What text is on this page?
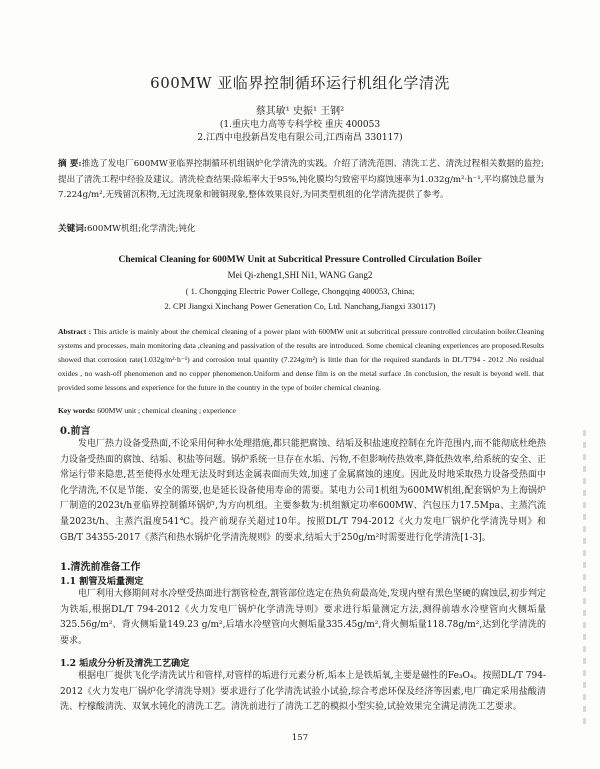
600MW 亚临界控制循环运行机组化学清洗
蔡其敏¹ 史振¹ 王钢²
(1.重庆电力高等专科学校 重庆 400053
2.江西中电投新昌发电有限公司,江西南昌 330117)
摘 要:推选了发电厂600MW亚临界控制循环机组锅炉化学清洗的实践。介绍了清洗范围、清洗工艺、清洗过程相关数据的监控;提出了清洗工程中经验及建议。清洗检查结果:除垢率大于95%,钝化膜均匀致密平均腐蚀速率为1.032g/m²·h⁻¹,平均腐蚀总量为7.224g/m²,无残留沉积物,无过洗现象和镀铜现象,整体效果良好,为同类型机组的化学清洗提供了参考。
关键词:600MW机组;化学清洗;钝化
Chemical Cleaning for 600MW Unit at Subcritical Pressure Controlled Circulation Boiler
Mei Qi-zheng1,SHI Ni1, WANG Gang2
( 1. Chongqing Electric Power College, Chongqing 400053, China;
2. CPI Jiangxi Xinchang Power Generation Co, Ltd. Nanchang,Jiangxi 330117)
Abstract : This article is mainly about the chemical cleaning of a power plant with 600MW unit at subcritical pressure controlled circulation boiler.Cleaning systems and processes, main monitoring data ,cleaning and passivation of the results are introduced. Some chemical cleaning experiences are proposed.Results showed that corrosion rate(1.032g/m²·h⁻¹) and corrosion total quantity (7.224g/m²) is little than for the required standards in DL/T794 - 2012 .No residual oxides , no wash-off phenomenon and no copper phenomenon.Uniform and dense film is on the metal surface .In conclusion, the result is beyond well. that provided some lessons and experience for the future in the country in the type of boiler chemical cleaning.
Key words: 600MW unit ; chemical cleaning ; experience
0.前言
发电厂热力设备受热面,不论采用何种水处理措施,都只能把腐蚀、结垢及积盐速度控制在允许范围内,而不能彻底杜绝热力设备受热面的腐蚀、结垢、积盐等问题。锅炉系统一旦存在水垢、污物,不但影响传热效率,降低热效率,给系统的安全、正常运行带来隐患,甚至使得水处理无法及时到达金属表面而失效,加速了金属腐蚀的速度。因此及时地采取热力设备受热面中化学清洗,不仅是节能、安全的需要,也是延长设备使用寿命的需要。某电力公司1机组为600MW机组,配套锅炉为上海锅炉厂制造的2023t/h亚临界控制循环锅炉,为方向机组。主要参数为:机组额定功率600MW、汽包压力17.5Mpa、主蒸汽流量2023t/h、主蒸汽温度541℃。投产前现存关超过10年。按照DL/T 794-2012《火力发电厂锅炉化学清洗导则》和GB/T 34355-2017《蒸汽和热水锅炉化学清洗规则》的要求,结垢大于250g/m²时需要进行化学清洗[1-3]。
1.清洗前准备工作
1.1 割管及垢量测定
电厂利用大修期间对水冷壁受热面进行割管检查,割管部位选定在热负荷最高处,发现内壁有黑色坚硬的腐蚀层,初步判定为铁垢,根据DL/T 794-2012《火力发电厂锅炉化学清洗导则》要求进行垢量测定方法,测得前墙水冷壁管向火侧垢量325.56g/m²、背火侧垢量149.23 g/m²,后墙水冷壁管向火侧垢量335.45g/m²,背火侧垢量118.78g/m²,达到化学清洗的要求。
1.2 垢成分分析及清洗工艺确定
根据电厂提供飞化学清洗试片和管样,对管样的垢进行元素分析,垢本上是铁垢氧,主要是磁性的Fe₃O₄。按照DL/T 794-2012《火力发电厂锅炉化学清洗导则》要求进行了化学清洗试验小试验,综合考虑环保及经济等因素,电厂确定采用盐酸清洗、柠檬酸清洗、双氧水钝化的清洗工艺。清洗前进行了清洗工艺的模拟小型实验,试验效果完全满足清洗工艺要求。
157
